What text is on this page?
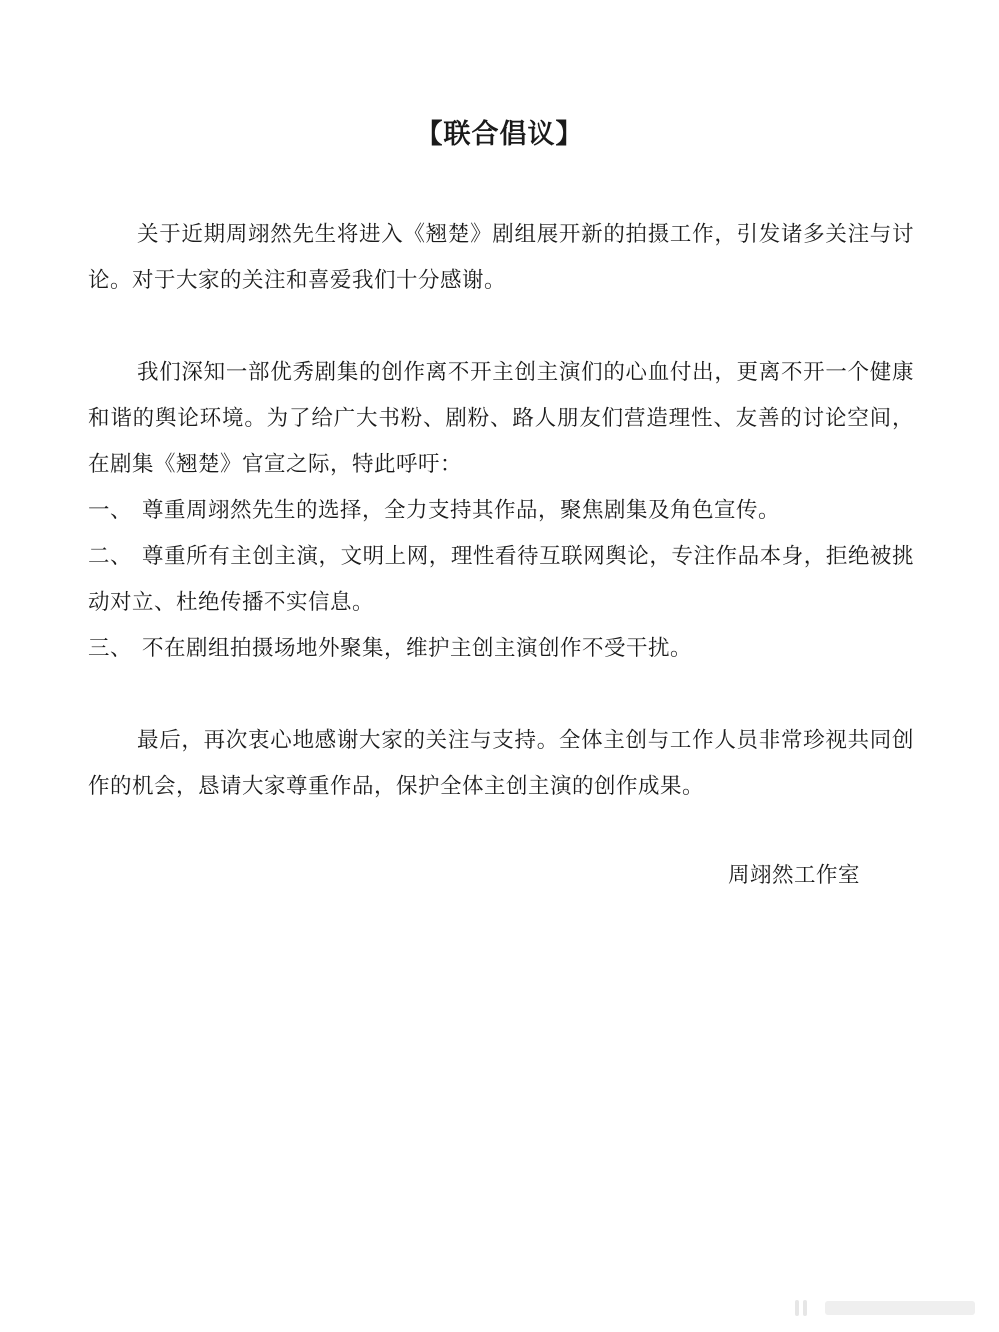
【联合倡议】
关于近期周翊然先生将进入《翘楚》剧组展开新的拍摄工作，引发诸多关注与讨论。对于大家的关注和喜爱我们十分感谢。
我们深知一部优秀剧集的创作离不开主创主演们的心血付出，更离不开一个健康和谐的舆论环境。为了给广大书粉、剧粉、路人朋友们营造理性、友善的讨论空间，在剧集《翘楚》官宣之际，特此呼吁：
一、 尊重周翊然先生的选择，全力支持其作品，聚焦剧集及角色宣传。
二、 尊重所有主创主演，文明上网，理性看待互联网舆论，专注作品本身，拒绝被挑动对立、杜绝传播不实信息。
三、 不在剧组拍摄场地外聚集，维护主创主演创作不受干扰。
最后，再次衷心地感谢大家的关注与支持。全体主创与工作人员非常珍视共同创作的机会，恳请大家尊重作品，保护全体主创主演的创作成果。
周翊然工作室
